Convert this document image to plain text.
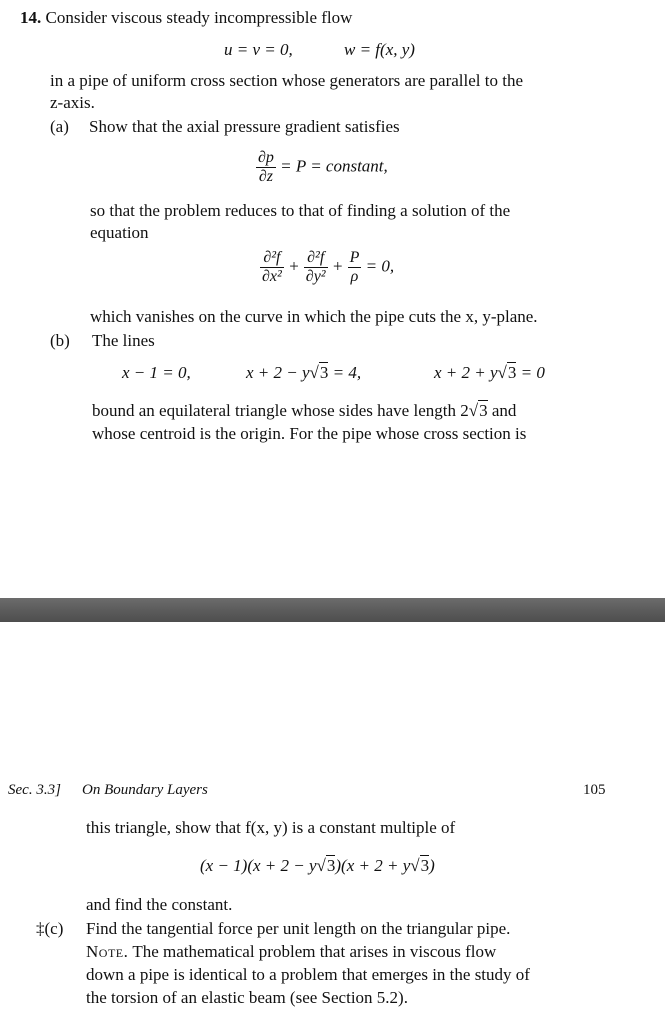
14. Consider viscous steady incompressible flow
u = v = 0,	w = f(x, y)
in a pipe of uniform cross section whose generators are parallel to the
z-axis.
(a) Show that the axial pressure gradient satisfies
$\frac{\partial p}{\partial z} = P$ = constant,
so that the problem reduces to that of finding a solution of the
equation
$\frac{\text{∂²f}}{\text{∂x²}} + \frac{\text{∂²f}}{\text{∂y²}} + \frac{P}{\rho} = 0$,
which vanishes on the curve in which the pipe cuts the x, y-plane.
(b) The lines
x − 1 = 0,	x + 2 − y√3 = 4,	x + 2 + y√3 = 0
bound an equilateral triangle whose sides have length 2√3 and
whose centroid is the origin. For the pipe whose cross section is
Sec. 3.3] On Boundary Layers	105
this triangle, show that f(x, y) is a constant multiple of
(x − 1)(x + 2 − y√3)(x + 2 + y√3)
and find the constant.
‡(c) Find the tangential force per unit length on the triangular pipe.
Note. The mathematical problem that arises in viscous flow
down a pipe is identical to a problem that emerges in the study of
the torsion of an elastic beam (see Section 5.2).
